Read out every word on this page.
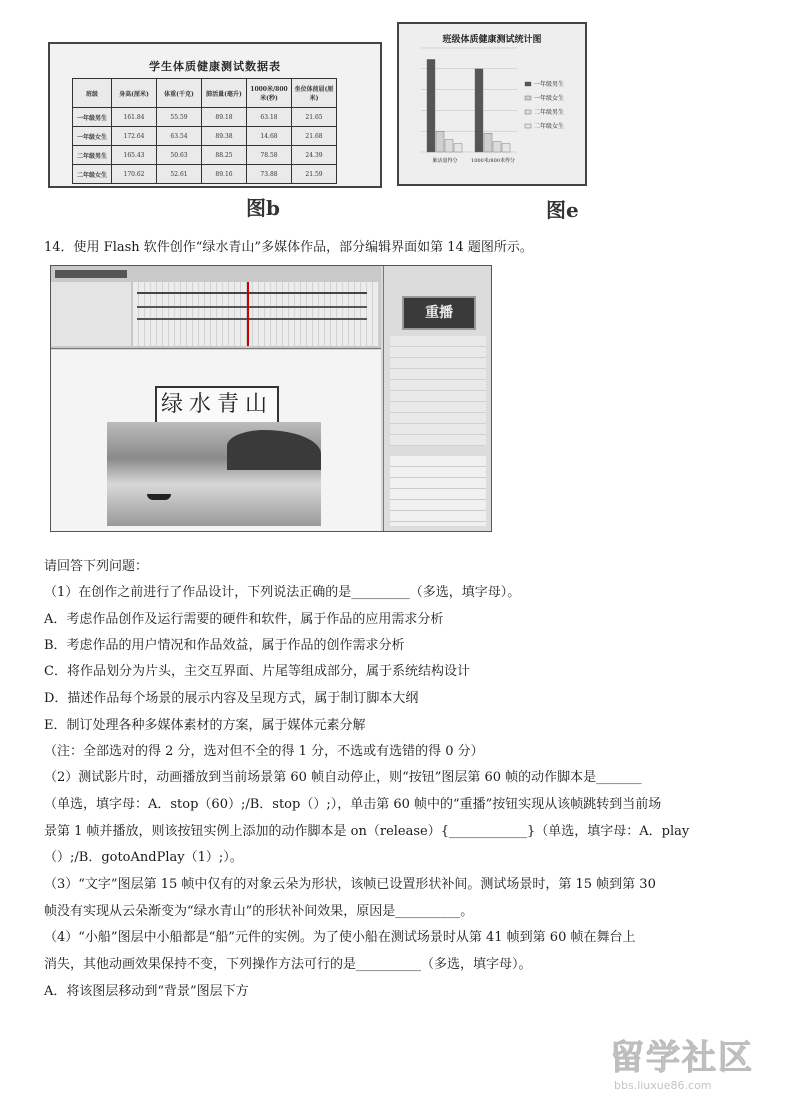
学生体质健康测试数据表
班级	身高(厘米)	体重(千克)	肺活量(毫升)	1000米/800米(秒)	坐位体前屈(厘米)
一年级男生	161.84	55.59	89.18	63.18	21.65
一年级女生	172.64	63.54	89.38	14.68	21.68
二年级男生	165.43	50.63	88.25	78.58	24.39
二年级女生	170.62	52.61	89.16	73.88	21.59
图b
班级体质健康测试统计图
肺活量得分	1000米/800米得分
一年级男生
一年级女生
二年级男生
二年级女生
图e
14．使用 Flash 软件创作“绿水青山”多媒体作品，部分编辑界面如第 14 题图所示。
绿水青山
重播
请回答下列问题：
（1）在创作之前进行了作品设计，下列说法正确的是_________（多选，填字母）。
A．考虑作品创作及运行需要的硬件和软件，属于作品的应用需求分析
B．考虑作品的用户情况和作品效益，属于作品的创作需求分析
C．将作品划分为片头，主交互界面、片尾等组成部分，属于系统结构设计
D．描述作品每个场景的展示内容及呈现方式，属于制订脚本大纲
E．制订处理各种多媒体素材的方案，属于媒体元素分解
（注：全部选对的得 2 分，选对但不全的得 1 分，不选或有选错的得 0 分）
（2）测试影片时，动画播放到当前场景第 60 帧自动停止，则“按钮”图层第 60 帧的动作脚本是_______
（单选，填字母：A．stop（60）;/B．stop（）;），单击第 60 帧中的“重播”按钮实现从该帧跳转到当前场
景第 1 帧并播放，则该按钮实例上添加的动作脚本是 on（release）{____________}（单选，填字母：A．play
（）;/B．gotoAndPlay（1）;）。
（3）“文字”图层第 15 帧中仅有的对象云朵为形状，该帧已设置形状补间。测试场景时，第 15 帧到第 30
帧没有实现从云朵渐变为“绿水青山”的形状补间效果，原因是__________。
（4）“小船”图层中小船都是“船”元件的实例。为了使小船在测试场景时从第 41 帧到第 60 帧在舞台上
消失，其他动画效果保持不变，下列操作方法可行的是__________（多选，填字母）。
A．将该图层移动到“背景”图层下方
留学社区
bbs.liuxue86.com
